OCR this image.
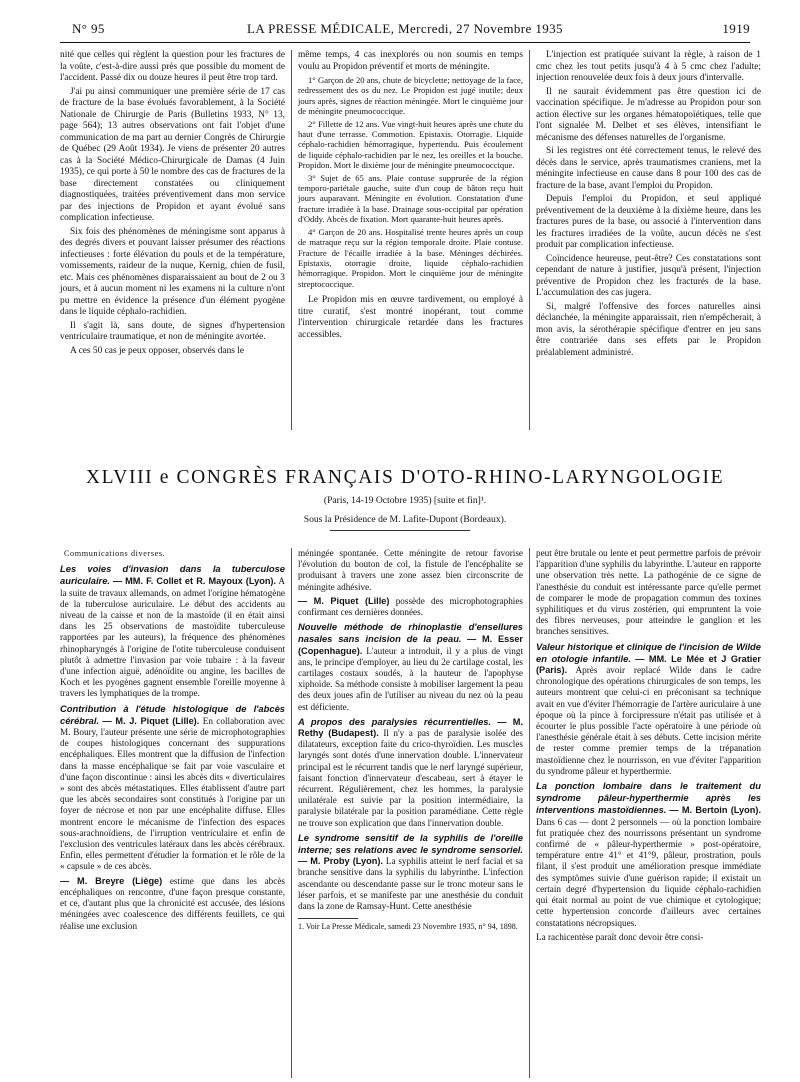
N° 95	LA PRESSE MÉDICALE, Mercredi, 27 Novembre 1935	1919

nité que celles qui règlent la question pour les fractures de la voûte, c'est-à-dire aussi près que possible du moment de l'accident. Passé dix ou douze heures il peut être trop tard.

J'ai pu ainsi communiquer une première série de 17 cas de fracture de la base évolués favorablement, à la Société Nationale de Chirurgie de Paris (Bulletins 1933, N° 13, page 564); 13 autres observations ont fait l'objet d'une communication de ma part au dernier Congrès de Chirurgie de Québec (29 Août 1934). Je viens de présenter 20 autres cas à la Société Médico-Chirurgicale de Damas (4 Juin 1935), ce qui porte à 50 le nombre des cas de fractures de la base directement constatées ou cliniquement diagnostiquées, traitées préventivement dans mon service par des injections de Propidon et ayant évolué sans complication infectieuse.

Six fois des phénomènes de méningisme sont apparus à des degrés divers et pouvant laisser présumer des réactions infectieuses : forte élévation du pouls et de la température, vomissements, raideur de la nuque, Kernig, chien de fusil, etc. Mais ces phénomènes disparaissaient au bout de 2 ou 3 jours, et à aucun moment ni les examens ni la culture n'ont pu mettre en évidence la présence d'un élément pyogène dans le liquide céphalo-rachidien.

Il s'agit là, sans doute, de signes d'hypertension ventriculaire traumatique, et non de méningite avortée.

A ces 50 cas je peux opposer, observés dans le

même temps, 4 cas inexplorés ou non soumis en temps voulu au Propidon préventif et morts de méningite.

1° Garçon de 20 ans, chute de bicyclette; nettoyage de la face, redressement des os du nez. Le Propidon est jugé inutile; deux jours après, signes de réaction méningée. Mort le cinquième jour de méningite pneumococcique.

2° Fillette de 12 ans. Vue vingt-huit heures après une chute du haut d'une terrasse. Commotion. Epistaxis. Otorragie. Liquide céphalo-rachidien hémorragique, hypertendu. Puis écoulement de liquide céphalo-rachidien par le nez, les oreilles et la bouche. Propidon. Mort le dixième jour de méningite pneumococcique.

3° Sujet de 65 ans. Plaie contuse supprurée de la région temporo-pariétale gauche, suite d'un coup de bâton reçu huit jours auparavant. Méningite en évolution. Constatation d'une fracture irradiée à la base. Drainage sous-occipital par opération d'Oddy. Abcès de fixation. Mort quarante-huit heures après.

4° Garçon de 20 ans. Hospitalisé trente heures après un coup de matraque reçu sur la région temporale droite. Plaie contuse. Fracture de l'écaille irradiée à la base. Méninges déchirées. Epistaxis, otorragie droite, liquide céphalo-rachidien hémorragique. Propidon. Mort le cinquième jour de méningite streptococcique.

Le Propidon mis en œuvre tardivement, ou employé à titre curatif, s'est montré inopérant, tout comme l'intervention chirurgicale retardée dans les fractures accessibles.

L'injection est pratiquée suivant la règle, à raison de 1 cmc chez les tout petits jusqu'à 4 à 5 cmc chez l'adulte; injection renouvelée deux fois à deux jours d'intervalle.

Il ne saurait évidemment pas être question ici de vaccination spécifique. Je m'adresse au Propidon pour son action élective sur les organes hématopoïétiques, telle que l'ont signalée M. Delbet et ses élèves, intensifiant le mécanisme des défenses naturelles de l'organisme.

Si les registres ont été correctement tenus, le relevé des décès dans le service, après traumatismes craniens, met la méningite infectieuse en cause dans 8 pour 100 des cas de fracture de la base, avant l'emploi du Propidon.

Depuis l'emploi du Propidon, et seul appliqué préventivement de la deuxième à la dixième heure, dans les fractures pures de la base, ou associé à l'intervention dans les fractures irradiées de la voûte, aucun décès ne s'est produit par complication infectieuse.

Coïncidence heureuse, peut-être? Ces constatations sont cependant de nature à justifier, jusqu'à présent, l'injection préventive de Propidon chez les fracturés de la base. L'accumulation des cas jugera.

Si, malgré l'offensive des forces naturelles ainsi déclanchée, la méningite apparaissait, rien n'empêcherait, à mon avis, la sérothérapie spécifique d'entrer en jeu sans être contrariée dans ses effets par le Propidon préalablement administré.

XLVIII e CONGRÈS FRANÇAIS D'OTO-RHINO-LARYNGOLOGIE
(Paris, 14-19 Octobre 1935) [suite et fin]¹.
Sous la Présidence de M. Lafite-Dupont (Bordeaux).

Communications diverses.

Les voies d'invasion dans la tuberculose auriculaire. — MM. F. Collet et R. Mayoux (Lyon). A la suite de travaux allemands, on admet l'origine hématogène de la tuberculose auriculaire. Le début des accidents au niveau de la caisse et non de la mastoïde (il en était ainsi dans les 25 observations de mastoïdite tuberculeuse rapportées par les auteurs), la fréquence des phénomènes rhinopharyngés à l'origine de l'otite tuberculeuse conduisent plutôt à admettre l'invasion par voie tubaire : à la faveur d'une infection aiguë, adénoïdite ou angine, les bacilles de Koch et les pyogènes gagnent ensemble l'oreille moyenne à travers les lymphatiques de la trompe.

Contribution à l'étude histologique de l'abcès cérébral. — M. J. Piquet (Lille). En collaboration avec M. Boury, l'auteur présente une série de microphotographies de coupes histologiques concernant des suppurations encéphaliques. Elles montrent que la diffusion de l'infection dans la masse encéphalique se fait par voie vasculaire et d'une façon discontinue : ainsi les abcès dits « diverticulaires » sont des abcès métastatiques. Elles établissent d'autre part que les abcès secondaires sont constitués à l'origine par un foyer de nécrose et non par une encéphalite diffuse. Elles montrent encore le mécanisme de l'infection des espaces sous-arachnoïdiens, de l'irruption ventriculaire et enfin de l'exclusion des ventricules latéraux dans les abcès cérébraux. Enfin, elles permettent d'étudier la formation et le rôle de la « capsule » de ces abcès.

— M. Breyre (Liège) estime que dans les abcès encéphaliques on rencontre, d'une façon presque constante, et ce, d'autant plus que la chronicité est accusée, des lésions méningées avec coalescence des différents feuillets, ce qui réalise une exclusion

méningée spontanée. Cette méningite de retour favorise l'évolution du bouton de col, la fistule de l'encéphalite se produisant à travers une zone assez bien circonscrite de méningite adhésive.

— M. Piquet (Lille) possède des microphotographies confirmant ces dernières données.

Nouvelle méthode de rhinoplastie d'ensellures nasales sans incision de la peau. — M. Esser (Copenhague). L'auteur a introduit, il y a plus de vingt ans, le principe d'employer, au lieu du 2e cartilage costal, les cartilages costaux soudés, à la hauteur de l'apophyse xiphoïde. Sa méthode consiste à mobiliser largement la peau des deux joues afin de l'utiliser au niveau du nez où la peau est déficiente.

A propos des paralysies récurrentielles. — M. Rethy (Budapest). Il n'y a pas de paralysie isolée des dilatateurs, exception faite du crico-thyroïdien. Les muscles laryngés sont dotés d'une innervation double. L'innervateur principal est le récurrent tandis que le nerf laryngé supérieur, faisant fonction d'innervateur d'escabeau, sert à étayer le récurrent. Régulièrement, chez les hommes, la paralysie unilatérale est suivie par la position intermédiaire, la paralysie bilatérale par la position paramédiane. Cette règle ne trouve son explication que dans l'innervation double.

Le syndrome sensitif de la syphilis de l'oreille interne; ses relations avec le syndrome sensoriel. — M. Proby (Lyon). La syphilis atteint le nerf facial et sa branche sensitive dans la syphilis du labyrinthe. L'infection ascendante ou descendante passe sur le tronc moteur sans le léser parfois, et se manifeste par une anesthésie du conduit dans la zone de Ramsay-Hunt. Cette anesthésie

1. Voir La Presse Médicale, samedi 23 Novembre 1935, n° 94, 1898.

peut être brutale ou lente et peut permettre parfois de prévoir l'apparition d'une syphilis du labyrinthe. L'auteur en rapporte une observation très nette. La pathogénie de ce signe de l'anesthésie du conduit est intéressante parce qu'elle permet de comparer le mode de propagation commun des toxines syphilitiques et du virus zostérien, qui empruntent la voie des fibres nerveuses, pour atteindre le ganglion et les branches sensitives.

Valeur historique et clinique de l'incision de Wilde en otologie infantile. — MM. Le Mée et J Gratier (Paris). Après avoir replacé Wilde dans le cadre chronologique des opérations chirurgicales de son temps, les auteurs montrent que celui-ci en préconisant sa technique avait en vue d'éviter l'hémorragie de l'artère auriculaire à une époque où la pince à forcipressure n'était pas utilisée et à écourter le plus possible l'acte opératoire à une période où l'anesthésie générale était à ses débuts. Cette incision mérite de rester comme premier temps de la trépanation mastoïdienne chez le nourrisson, en vue d'éviter l'apparition du syndrome pâleur et hyperthermie.

La ponction lombaire dans le traitement du syndrome pâleur-hyperthermie après les interventions mastoïdiennes. — M. Bertoin (Lyon). Dans 6 cas — dont 2 personnels — où la ponction lombaire fut pratiquée chez des nourrissons présentant un syndrome confirmé de « pâleur-hyperthermie » post-opératoire, température entre 41° et 41°9, pâleur, prostration, pouls filant, il s'est produit une amélioration presque immédiate des symptômes suivie d'une guérison rapide; il existait un certain degré d'hypertension du liquide céphalo-rachidien qui était normal au point de vue chimique et cytologique; cette hypertension concorde d'ailleurs avec certaines constatations nécropsiques.

La rachicentèse paraît donc devoir être consi-
